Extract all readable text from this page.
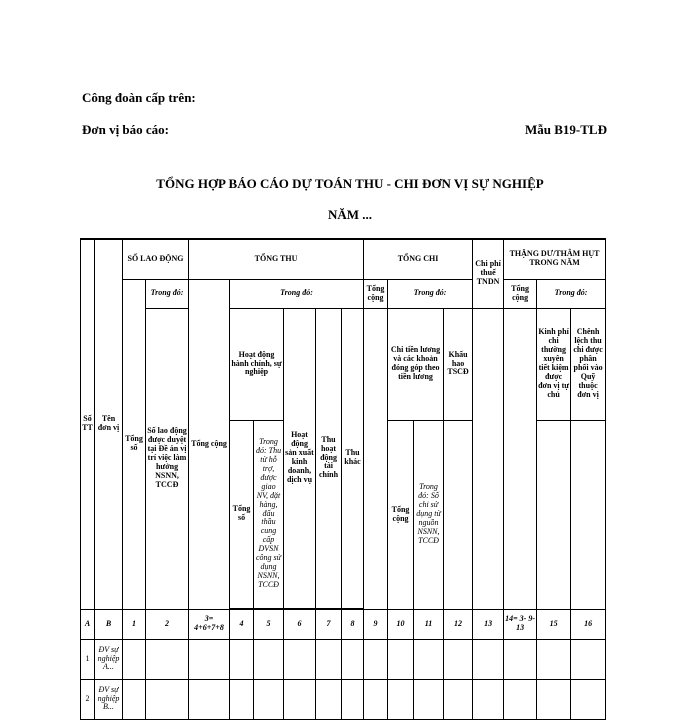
Công đoàn cấp trên:
Đơn vị báo cáo:	Mẫu B19-TLĐ
TỔNG HỢP BÁO CÁO DỰ TOÁN THU - CHI ĐƠN VỊ SỰ NGHIỆP
NĂM ...
Số TT	Tên đơn vị	SỐ LAO ĐỘNG		TỔNG THU						TỔNG CHI				Chi phí thuế TNDN	THẶNG DƯ/THÂM HỤT TRONG NĂM		
		Tổng số	Trong đó:	Tổng cộng	Trong đó:					Tổng cộng	Trong đó:				Tổng cộng	Trong đó:	
			Số lao động được duyệt tại Đề án vị trí việc làm hưởng NSNN, TCCĐ		Hoạt động hành chính, sự nghiệp		Hoạt động sản xuất kinh doanh, dịch vụ	Thu hoạt động tài chính	Thu khác		Chi tiền lương và các khoản đóng góp theo tiền lương		Khấu hao TSCĐ			Kinh phí chi thường xuyên tiết kiệm được đơn vị tự chủ	Chênh lệch thu chi được phân phối vào Quỹ thuộc đơn vị
					Tổng số	Trong đó: Thu từ hỗ trợ, được giao NV, đặt hàng, đấu thầu cung cấp DVSN công sử dụng NSNN, TCCĐ					Tổng cộng	Trong đó: Số chi sử dụng từ nguồn NSNN, TCCĐ					

A	B	1	2	3= 4+6+7+8	4	5	6	7	8	9	10	11	12	13	14= 3- 9- 13	15	16
1	ĐV sự nghiệp A...																
2	ĐV sự nghiệp B...																
